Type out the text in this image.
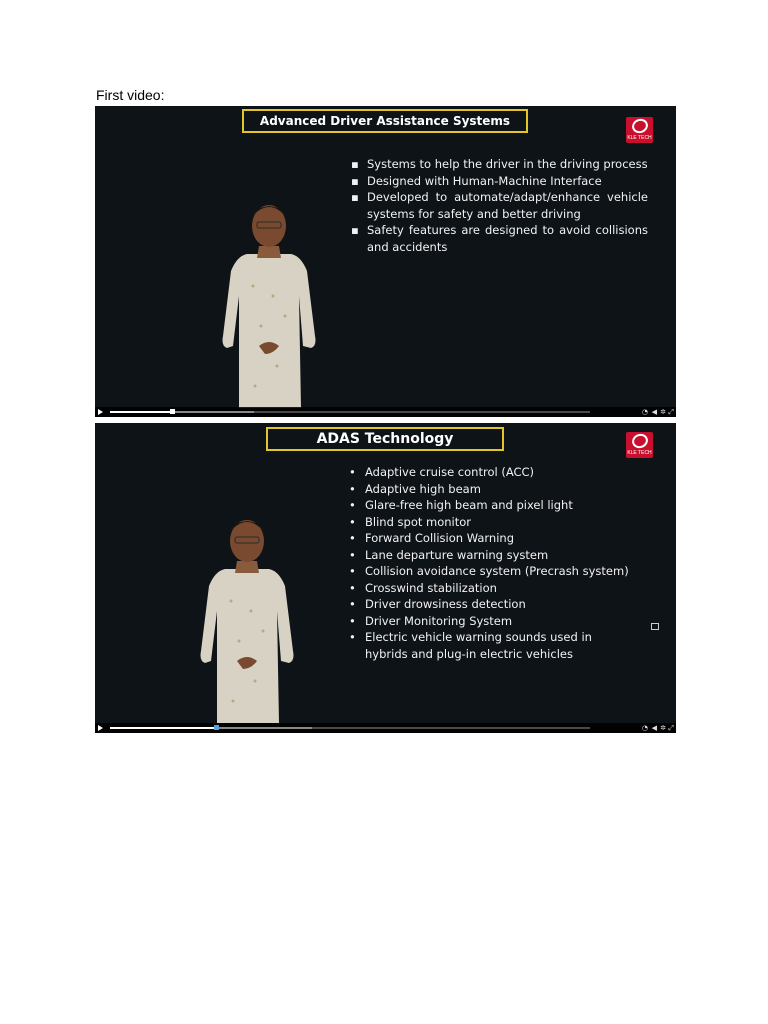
First video:
Advanced Driver Assistance Systems
KLE TECH
▪ Systems to help the driver in the driving process
▪ Designed with Human-Machine Interface
▪ Developed to automate/adapt/enhance vehicle systems for safety and better driving
▪ Safety features are designed to avoid collisions and accidents
◔ ◀ ✲ ⤢
ADAS Technology
KLE TECH
• Adaptive cruise control (ACC)
• Adaptive high beam
• Glare-free high beam and pixel light
• Blind spot monitor
• Forward Collision Warning
• Lane departure warning system
• Collision avoidance system (Precrash system)
• Crosswind stabilization
• Driver drowsiness detection
• Driver Monitoring System
• Electric vehicle warning sounds used in hybrids and plug-in electric vehicles
◔ ◀ ✲ ⤢
